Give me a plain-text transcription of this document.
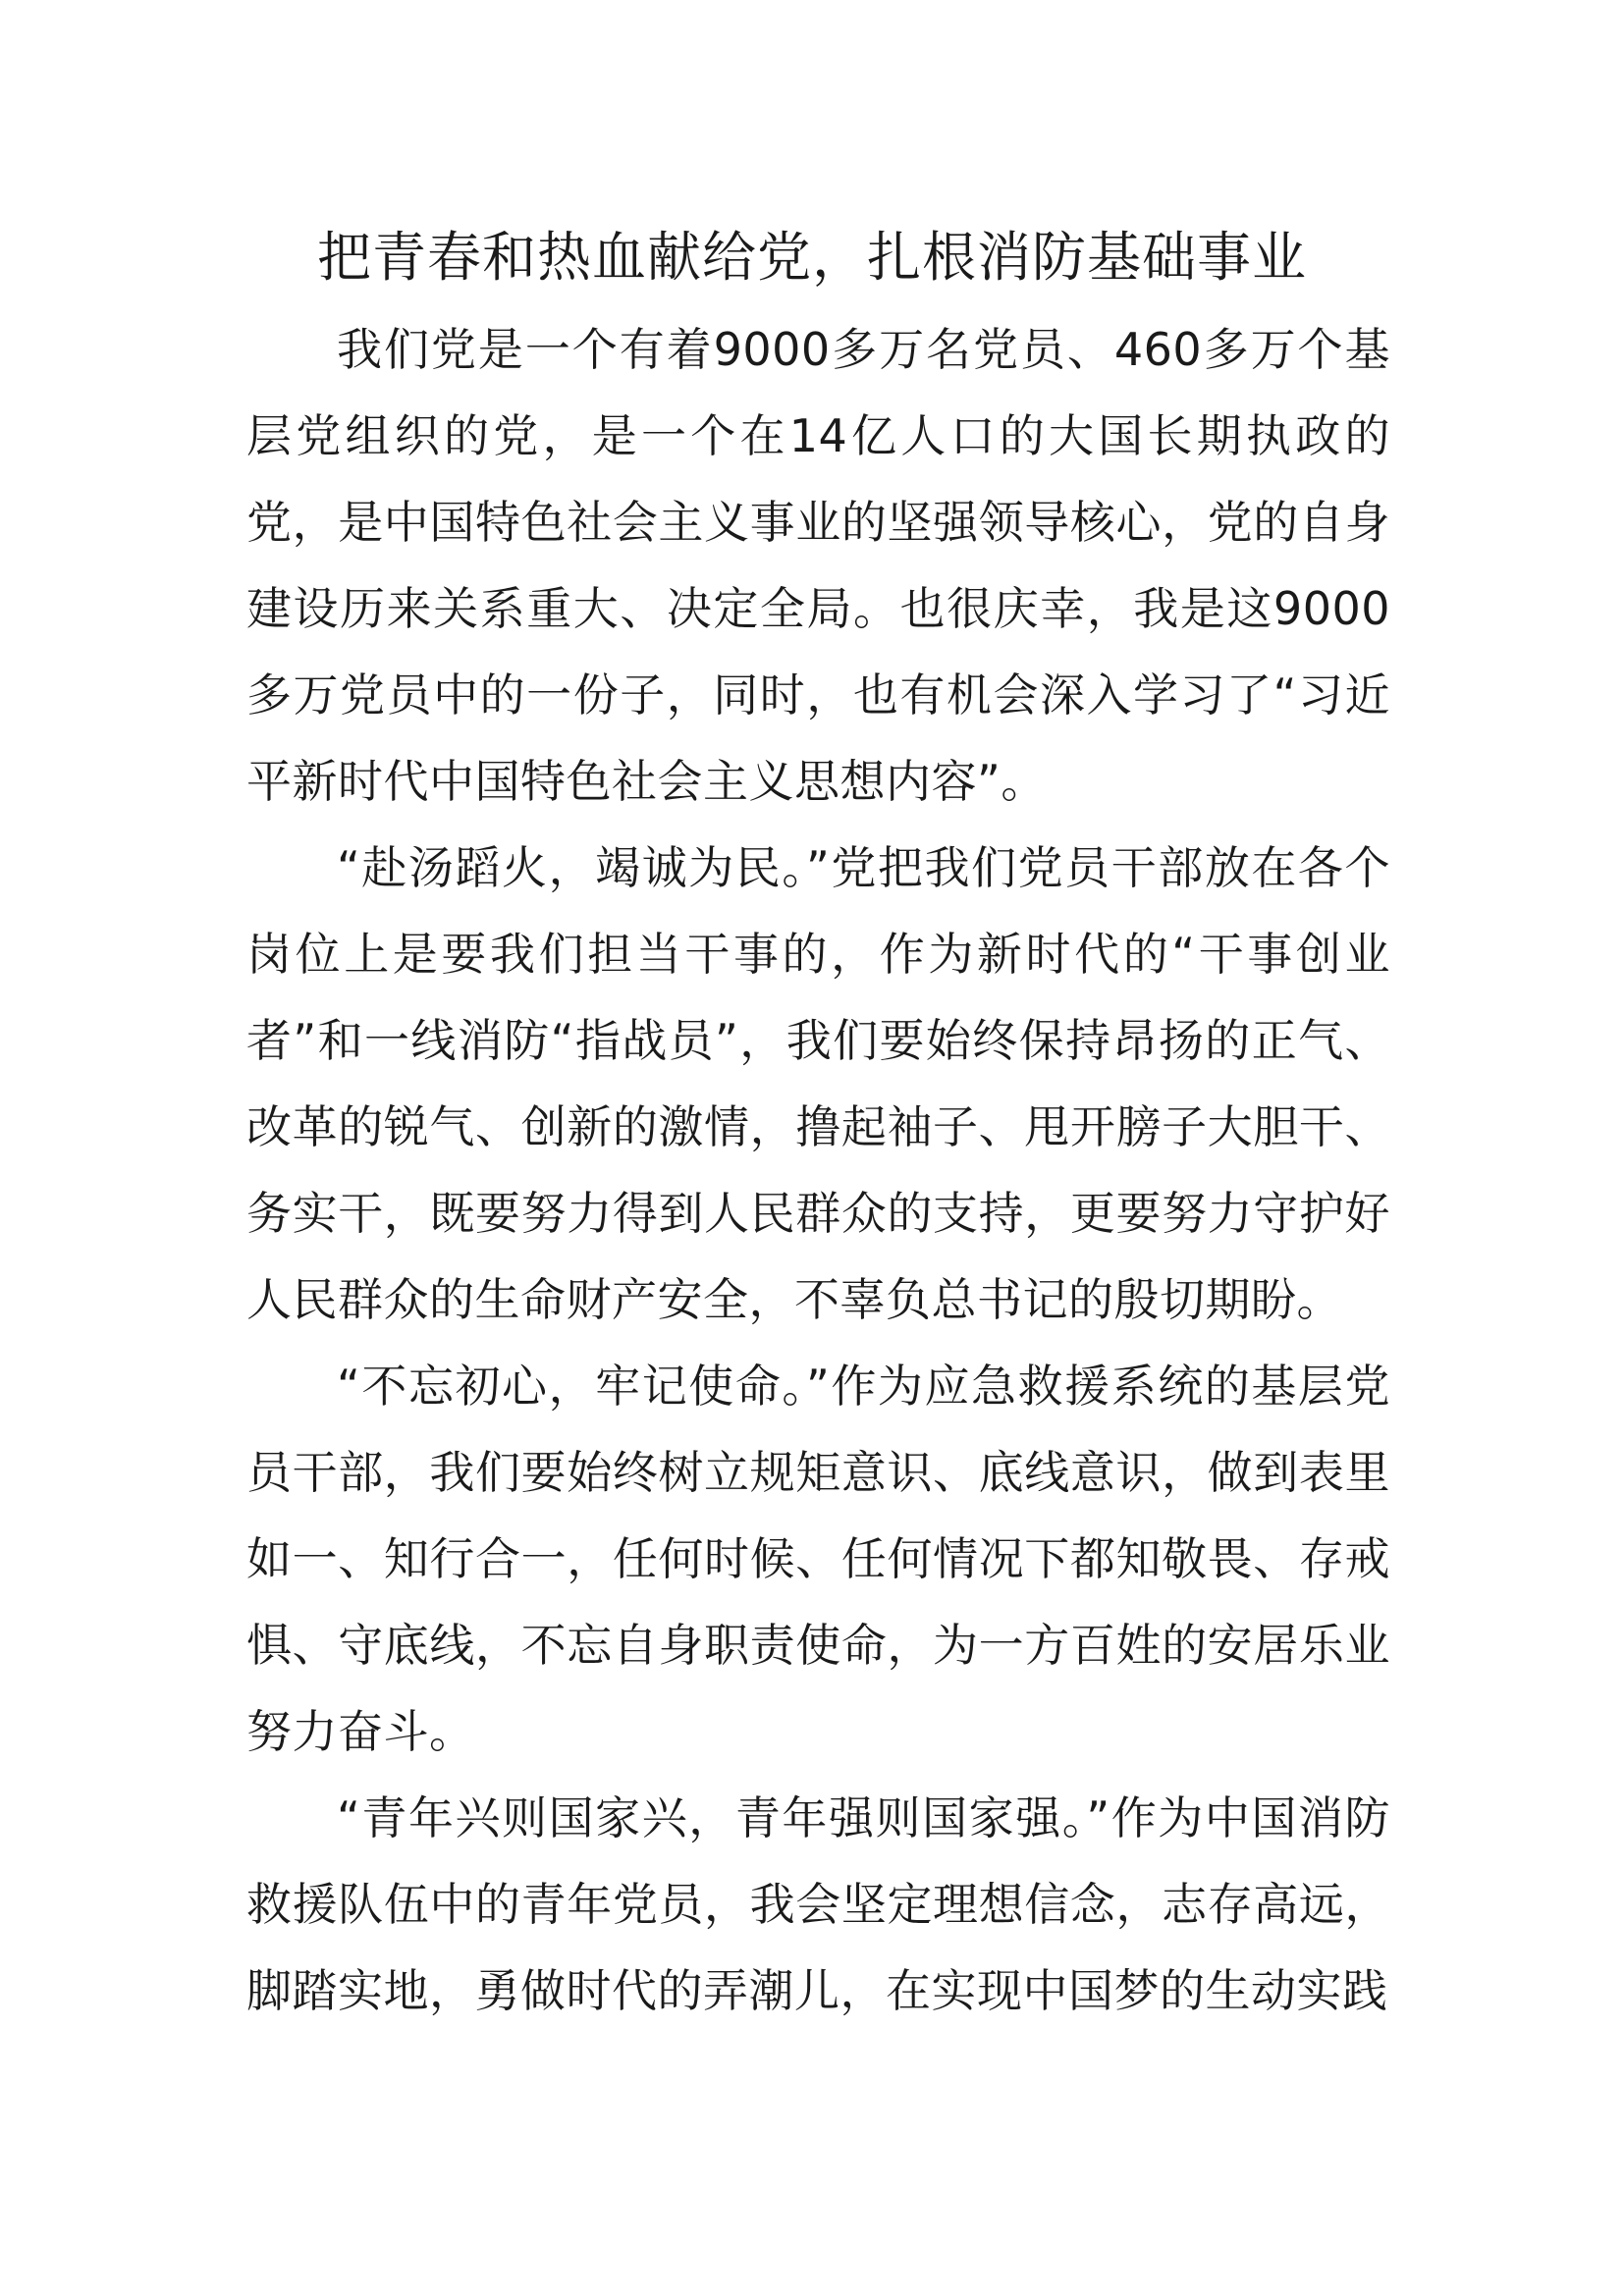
把青春和热血献给党，扎根消防基础事业

我们党是一个有着9000多万名党员、460多万个基层党组织的党，是一个在14亿人口的大国长期执政的党，是中国特色社会主义事业的坚强领导核心，党的自身建设历来关系重大、决定全局。也很庆幸，我是这9000多万党员中的一份子，同时，也有机会深入学习了“习近平新时代中国特色社会主义思想内容”。

“赴汤蹈火，竭诚为民。”党把我们党员干部放在各个岗位上是要我们担当干事的，作为新时代的“干事创业者”和一线消防“指战员”，我们要始终保持昂扬的正气、改革的锐气、创新的激情，撸起袖子、甩开膀子大胆干、务实干，既要努力得到人民群众的支持，更要努力守护好人民群众的生命财产安全，不辜负总书记的殷切期盼。

“不忘初心，牢记使命。”作为应急救援系统的基层党员干部，我们要始终树立规矩意识、底线意识，做到表里如一、知行合一，任何时候、任何情况下都知敬畏、存戒惧、守底线，不忘自身职责使命，为一方百姓的安居乐业努力奋斗。

“青年兴则国家兴，青年强则国家强。”作为中国消防救援队伍中的青年党员，我会坚定理想信念，志存高远，脚踏实地，勇做时代的弄潮儿，在实现中国梦的生动实践
